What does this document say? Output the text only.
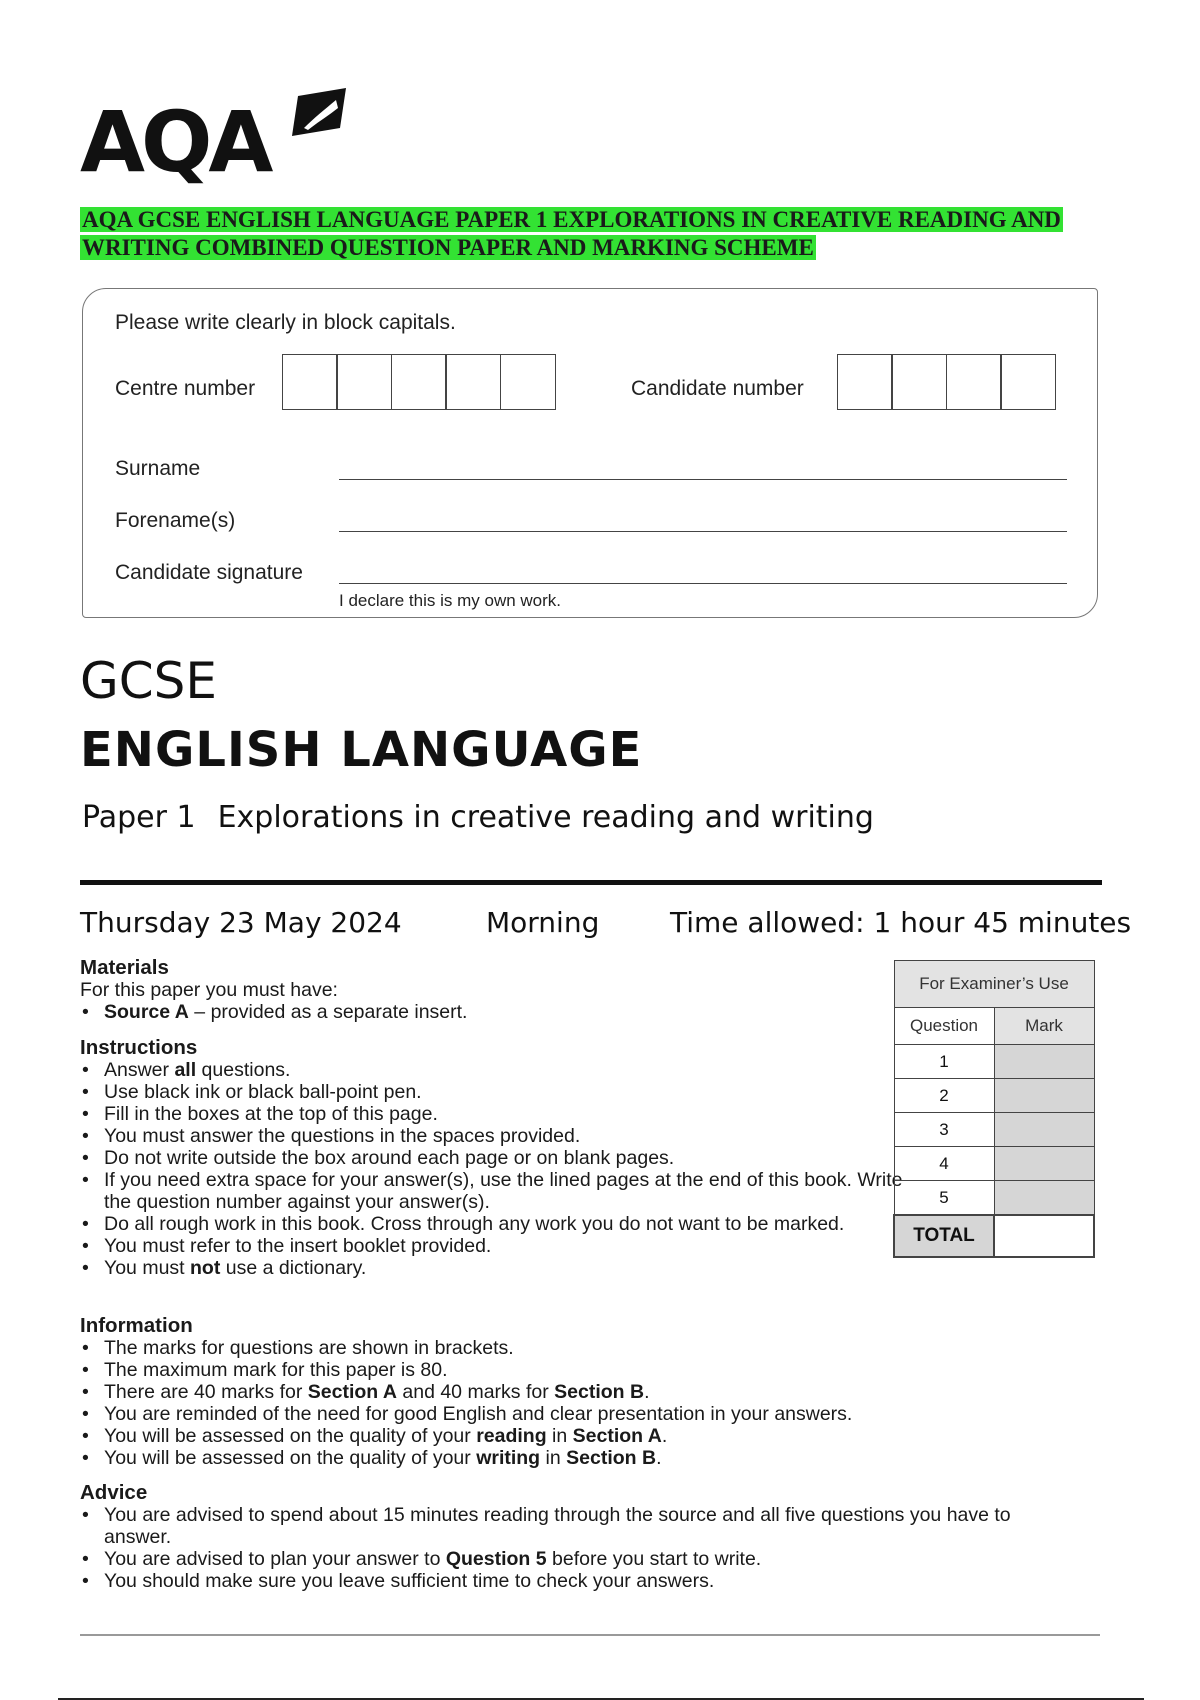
AQA
AQA GCSE ENGLISH LANGUAGE PAPER 1 EXPLORATIONS IN CREATIVE READING AND WRITING COMBINED QUESTION PAPER AND MARKING SCHEME
Please write clearly in block capitals.
Centre number	Candidate number
Surname
Forename(s)
Candidate signature
I declare this is my own work.
GCSE
ENGLISH LANGUAGE
Paper 1 Explorations in creative reading and writing
Thursday 23 May 2024	Morning	Time allowed: 1 hour 45 minutes
Materials

For this paper you must have:

• Source A – provided as a separate insert.
Instructions
• Answer all questions.
• Use black ink or black ball-point pen.
• Fill in the boxes at the top of this page.
• You must answer the questions in the spaces provided.
• Do not write outside the box around each page or on blank pages.
• If you need extra space for your answer(s), use the lined pages at the end of this book. Write the question number against your answer(s).
• Do all rough work in this book. Cross through any work you do not want to be marked.
• You must refer to the insert booklet provided.
• You must not use a dictionary.
Information
• The marks for questions are shown in brackets.
• The maximum mark for this paper is 80.
• There are 40 marks for Section A and 40 marks for Section B.
• You are reminded of the need for good English and clear presentation in your answers.
• You will be assessed on the quality of your reading in Section A.
• You will be assessed on the quality of your writing in Section B.
Advice
• You are advised to spend about 15 minutes reading through the source and all five questions you have to answer.
• You are advised to plan your answer to Question 5 before you start to write.
• You should make sure you leave sufficient time to check your answers.
For Examiner’s Use	
Question	Mark
1	
2	
3	
4	
5	
TOTAL	
